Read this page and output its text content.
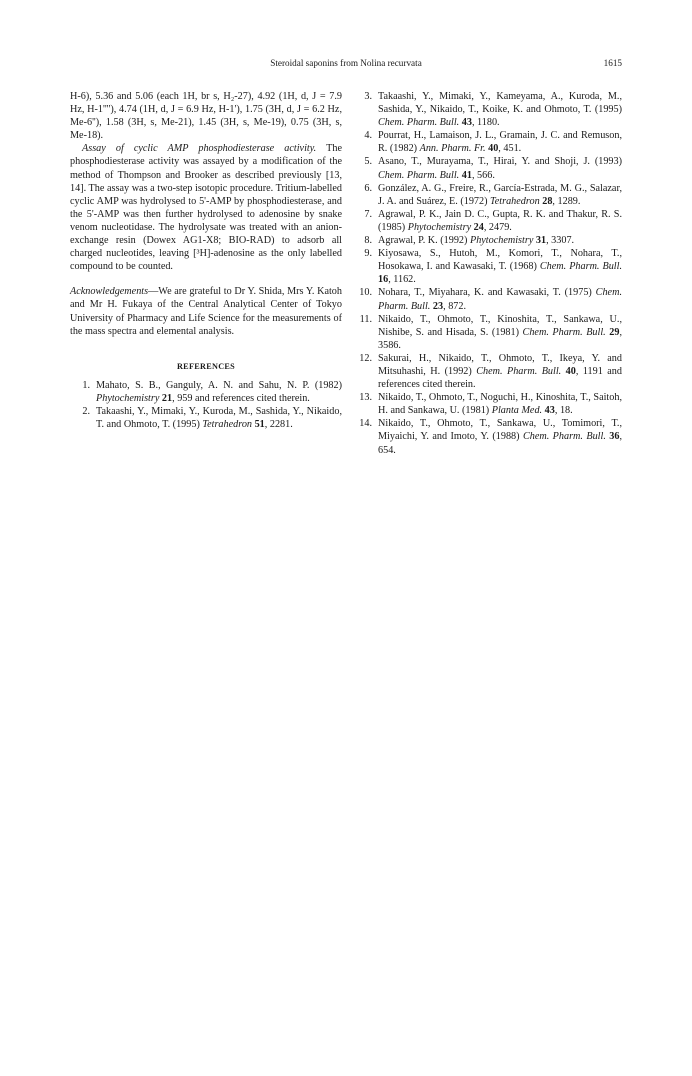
Steroidal saponins from Nolina recurvata	1615

H-6), 5.36 and 5.06 (each 1H, br s, H₂-27), 4.92 (1H, d, J = 7.9 Hz, H-1''''), 4.74 (1H, d, J = 6.9 Hz, H-1'), 1.75 (3H, d, J = 6.2 Hz, Me-6''), 1.58 (3H, s, Me-21), 1.45 (3H, s, Me-19), 0.75 (3H, s, Me-18).

Assay of cyclic AMP phosphodiesterase activity. The phosphodiesterase activity was assayed by a modification of the method of Thompson and Brooker as described previously [13, 14]. The assay was a two-step isotopic procedure. Tritium-labelled cyclic AMP was hydrolysed to 5'-AMP by phosphodiesterase, and the 5'-AMP was then further hydrolysed to adenosine by snake venom nucleotidase. The hydrolysate was treated with an anion-exchange resin (Dowex AG1-X8; BIO-RAD) to adsorb all charged nucleotides, leaving [³H]-adenosine as the only labelled compound to be counted.

Acknowledgements—We are grateful to Dr Y. Shida, Mrs Y. Katoh and Mr H. Fukaya of the Central Analytical Center of Tokyo University of Pharmacy and Life Science for the measurements of the mass spectra and elemental analysis.

REFERENCES
1. Mahato, S. B., Ganguly, A. N. and Sahu, N. P. (1982) Phytochemistry 21, 959 and references cited therein.
2. Takaashi, Y., Mimaki, Y., Kuroda, M., Sashida, Y., Nikaido, T. and Ohmoto, T. (1995) Tetrahedron 51, 2281.
3. Takaashi, Y., Mimaki, Y., Kameyama, A., Kuroda, M., Sashida, Y., Nikaido, T., Koike, K. and Ohmoto, T. (1995) Chem. Pharm. Bull. 43, 1180.
4. Pourrat, H., Lamaison, J. L., Gramain, J. C. and Remuson, R. (1982) Ann. Pharm. Fr. 40, 451.
5. Asano, T., Murayama, T., Hirai, Y. and Shoji, J. (1993) Chem. Pharm. Bull. 41, 566.
6. González, A. G., Freire, R., García-Estrada, M. G., Salazar, J. A. and Suárez, E. (1972) Tetrahedron 28, 1289.
7. Agrawal, P. K., Jain D. C., Gupta, R. K. and Thakur, R. S. (1985) Phytochemistry 24, 2479.
8. Agrawal, P. K. (1992) Phytochemistry 31, 3307.
9. Kiyosawa, S., Hutoh, M., Komori, T., Nohara, T., Hosokawa, I. and Kawasaki, T. (1968) Chem. Pharm. Bull. 16, 1162.
10. Nohara, T., Miyahara, K. and Kawasaki, T. (1975) Chem. Pharm. Bull. 23, 872.
11. Nikaido, T., Ohmoto, T., Kinoshita, T., Sankawa, U., Nishibe, S. and Hisada, S. (1981) Chem. Pharm. Bull. 29, 3586.
12. Sakurai, H., Nikaido, T., Ohmoto, T., Ikeya, Y. and Mitsuhashi, H. (1992) Chem. Pharm. Bull. 40, 1191 and references cited therein.
13. Nikaido, T., Ohmoto, T., Noguchi, H., Kinoshita, T., Saitoh, H. and Sankawa, U. (1981) Planta Med. 43, 18.
14. Nikaido, T., Ohmoto, T., Sankawa, U., Tomimori, T., Miyaichi, Y. and Imoto, Y. (1988) Chem. Pharm. Bull. 36, 654.
